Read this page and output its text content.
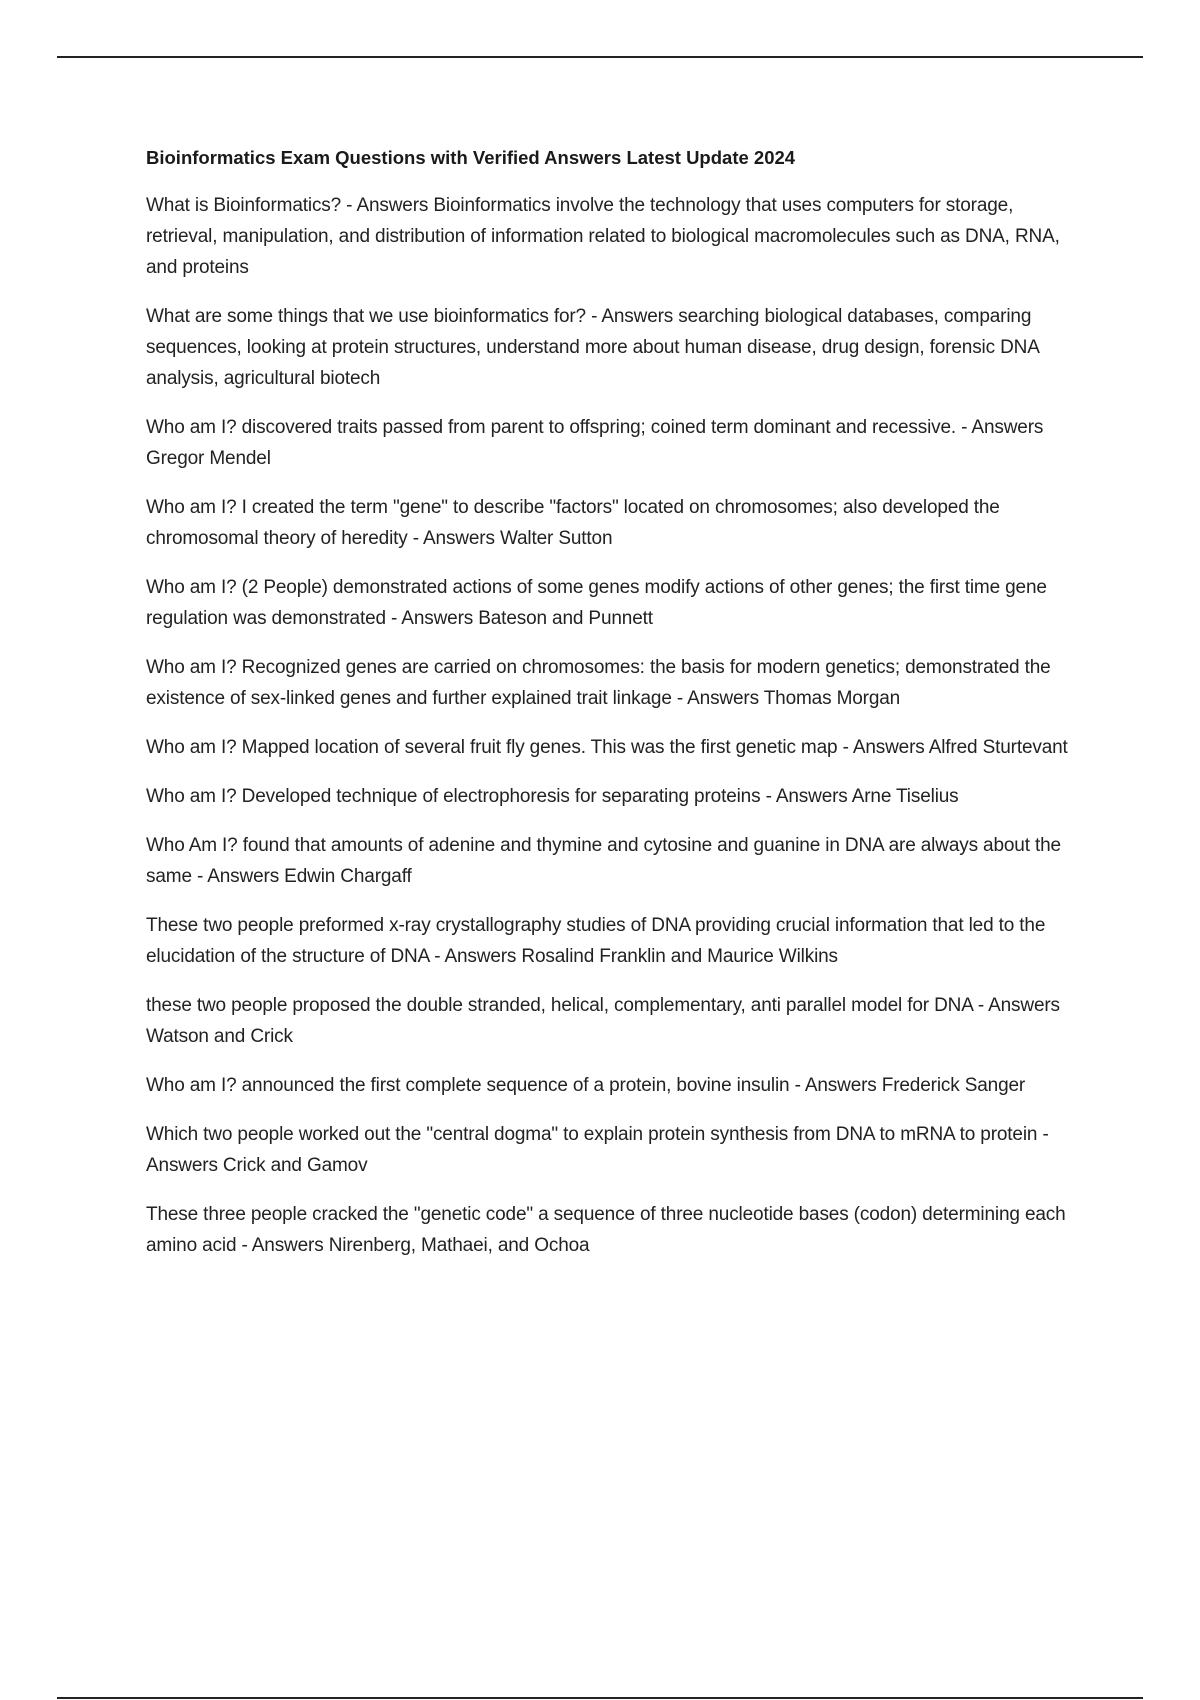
Bioinformatics Exam Questions with Verified Answers Latest Update 2024

What is Bioinformatics? - Answers Bioinformatics involve the technology that uses computers for storage, retrieval, manipulation, and distribution of information related to biological macromolecules such as DNA, RNA, and proteins

What are some things that we use bioinformatics for? - Answers searching biological databases, comparing sequences, looking at protein structures, understand more about human disease, drug design, forensic DNA analysis, agricultural biotech

Who am I? discovered traits passed from parent to offspring; coined term dominant and recessive. - Answers Gregor Mendel

Who am I? I created the term "gene" to describe "factors" located on chromosomes; also developed the chromosomal theory of heredity - Answers Walter Sutton

Who am I? (2 People) demonstrated actions of some genes modify actions of other genes; the first time gene regulation was demonstrated - Answers Bateson and Punnett

Who am I? Recognized genes are carried on chromosomes: the basis for modern genetics; demonstrated the existence of sex-linked genes and further explained trait linkage - Answers Thomas Morgan

Who am I? Mapped location of several fruit fly genes. This was the first genetic map - Answers Alfred Sturtevant

Who am I? Developed technique of electrophoresis for separating proteins - Answers Arne Tiselius

Who Am I? found that amounts of adenine and thymine and cytosine and guanine in DNA are always about the same - Answers Edwin Chargaff

These two people preformed x-ray crystallography studies of DNA providing crucial information that led to the elucidation of the structure of DNA - Answers Rosalind Franklin and Maurice Wilkins

these two people proposed the double stranded, helical, complementary, anti parallel model for DNA - Answers Watson and Crick

Who am I? announced the first complete sequence of a protein, bovine insulin - Answers Frederick Sanger

Which two people worked out the "central dogma" to explain protein synthesis from DNA to mRNA to protein - Answers Crick and Gamov

These three people cracked the "genetic code" a sequence of three nucleotide bases (codon) determining each amino acid - Answers Nirenberg, Mathaei, and Ochoa
